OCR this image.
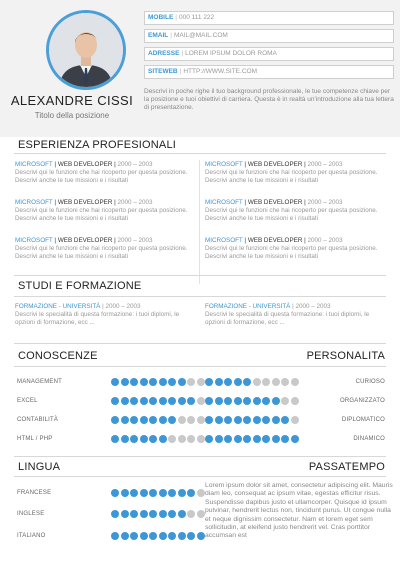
ALEXANDRE CISSI
Titolo della posizione
MOBILE | 000 111 222
EMAIL | MAIL@MAIL.COM
ADRESSE | LOREM IPSUM DOLOR ROMA
SITEWEB | HTTP://WWW.SITE.COM
Descrivi in poche righe il tuo background professionale, le tue competenze chiave per la posizione e tuoi obiettivi di carriera. Questa è in realtà un'introduzione alla tua lettera di presentazione.
ESPERIENZA PROFESIONALI
MICROSOFT | WEB DEVELOPER | 2000 – 2003
Descrivi qui le funzioni che hai ricoperto per questa posizione. Descrivi anche le tue missioni e i risultati
MICROSOFT | WEB DEVELOPER | 2000 – 2003
Descrivi qui le funzioni che hai ricoperto per questa posizione. Descrivi anche le tue missioni e i risultati
MICROSOFT | WEB DEVELOPER | 2000 – 2003
Descrivi qui le funzioni che hai ricoperto per questa posizione. Descrivi anche le tue missioni e i risultati
MICROSOFT | WEB DEVELOPER | 2000 – 2003
Descrivi qui le funzioni che hai ricoperto per questa posizione. Descrivi anche le tue missioni e i risultati
MICROSOFT | WEB DEVELOPER | 2000 – 2003
Descrivi qui le funzioni che hai ricoperto per questa posizione. Descrivi anche le tue missioni e i risultati
MICROSOFT | WEB DEVELOPER | 2000 – 2003
Descrivi qui le funzioni che hai ricoperto per questa posizione. Descrivi anche le tue missioni e i risultati
STUDI E FORMAZIONE
FORMAZIONE - UNIVERSITÀ | 2000 – 2003
Descrivi le specialità di questa formazione: i tuoi diplomi, le opzioni di formazione, ecc ...
FORMAZIONE - UNIVERSITÀ | 2000 – 2003
Descrivi le specialità di questa formazione: i tuoi diplomi, le opzioni di formazione, ecc ...
CONOSCENZE	PERSONALITA
LINGUA	PASSATEMPO
Lorem ipsum dolor sit amet, consectetur adipiscing elit. Mauris diam leo, consequat ac ipsum vitae, egestas efficitur risus. Suspendisse dapibus justo et ullamcorper. Quisque id ipsum pulvinar, hendrerit lectus non, tincidunt purus. Ut congue nulla et neque dignissim consectetur. Nam et lorem eget sem sollicitudin, at eleifend justo hendrerit vel. Cras porttitor accumsan est
MANAGEMENT
EXCEL
CONTABILITÀ
HTML / PHP
CURIOSO
ORGANIZZATO
DIPLOMATICO
DINAMICO
FRANCESE
INGLESE
ITALIANO
